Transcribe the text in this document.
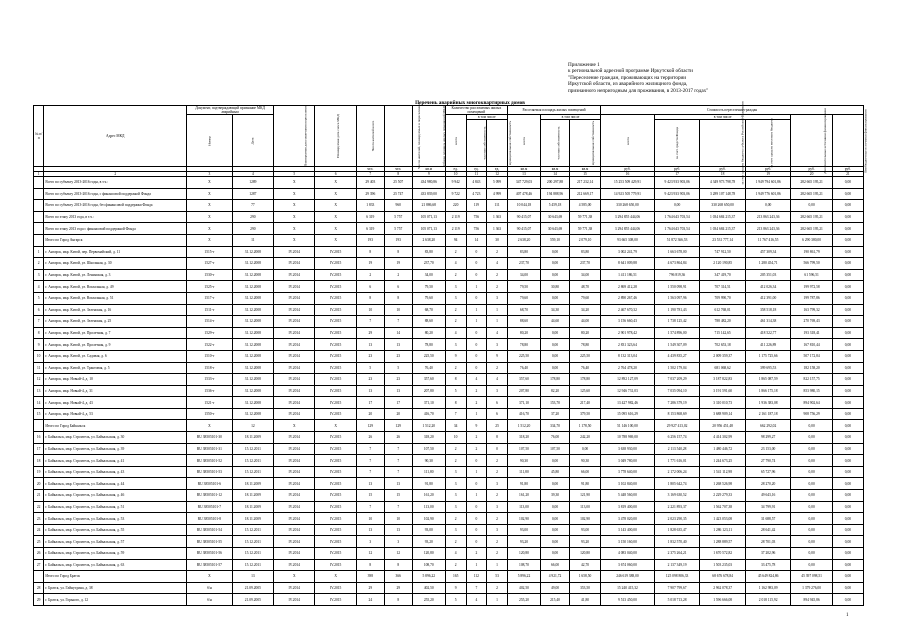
Приложение 1
к региональной адресной программе Иркутской области
"Переселение граждан, проживающих на территории
Иркутской области, из аварийного жилищного фонда,
признанного непригодным для проживания, в 2013-2017 годах"
Перечень аварийных многоквартирных домов
№ п/п	Адрес МКД	Документ, подтверждающий признание МКД аварийным		Планируемая дата окончания переселения	Планируемая дата сноса МКД	Число жителей всего	Число жителей, планируемых к переселению	Общая площадь жилых помещений МКД	Количество расселяемых жилых помещений			Расселяемая площадь жилых помещений			Стоимость переселения граждан					
		Номер	Дата						всего	в том числе		всего	в том числе		всего	в том числе			Дополнительные источники финансирования	Внебюджетные источники финансирования
										частная собственность	муниципальная собственность		частная собственность	муниципальная собственность		за счет средств Фонда	за счет средств бюджета субъекта Российской Федерации	за счет средств местного бюджета		
						чел.	чел.	кв.м	ед.	ед.	ед.	кв.м	кв.м	кв.м	руб.	руб.	руб.	руб.	руб.	руб.
1	2	3	4	5	6	7	8	9	10	11	12	13	14	15	16	17	18	19	20	21
	Всего по субъекту 2013-2016 годы, в т.ч.:	X	1289	X	X	29 403	25 507	434 980,86	9 942	4 843	5 099	347 729,03	200 297,88	217 232,14	15 253 509 429,91	9 423 933 903,06	4 349 973 798,78	1 949 794 601,86	282 665 195,21	0,00
	Всего по субъекту 2013-2016 годы, с финансовой поддержкой Фонда	X	1287	X	X	29 396	25 747	433 839,00	9 722	4 723	4 999	407 478,46	194 888,96	212 669,17	14 923 505 779,91	9 423 933 903,06	3 289 107 148,78	1 949 776 601,86	282 665 195,21	0,00
	Всего по субъекту 2013-2016 годы, без финансовой поддержки Фонда	X	77	X	X	1 833	960	21 886,68	220	119	111	10 044,18	5 459,18	4 585,00	330 268 650,00	0,00	330 268 650,00	0,00	0,00	0,00
	Всего по этапу 2013 года, в т.ч.:	X	290	X	X	6 319	5 757	105 071,13	2 119	756	1 363	90 415,07	30 643,69	59 771,38	3 294 855 444,06	1 764 643 703,54	1 034 684 215,37	213 863 243,36	282 665 195,21	0,00
	Всего по этапу 2013 года с финансовой поддержкой Фонда	X	290	X	X	6 319	5 757	105 071,13	2 119	756	1 363	90 415,07	30 643,69	59 771,38	3 294 855 444,06	1 764 643 703,54	1 034 684 215,37	213 863 243,36	282 665 195,21	0,00
	Итого по Город Ангарск	X	11	X	X	193	193	2 638,20	94	14	30	2 638,20	559,10	2 079,10	93 665 308,00	51 872 366,53	23 531 777,14	11 767 416,55	6 290 380,00	0,00
1	г. Ангарск, мкр. Китой, пер. Первомайский, д. 11	1515-т	31.12.2008	IV.2014	IV.2015	8	8	83,80	2	0	2	83,80	0,00	83,80	3 002 241,79	1 663 678,00	747 912,50	457 309,34	190 861,79	0,00
2	г. Ангарск, мкр. Китой, ул. Школьная, д. 30	1527-т	31.12.2008	IV.2014	IV.2015	19	19	237,70	4	0	4	237,70	0,00	237,70	8 641 009,88	4 673 864,84	2 120 190,85	1 280 454,71	566 799,50	0,00
3	г. Ангарск, мкр. Китой, ул. Ленинская, д. 3	1530-т	31.12.2008	IV.2014	IV.2015	2	2	34,00	2	0	2	34,00	0,00	34,00	1 411 186,51	796 819,36	347 419,70	205 351,03	61 596,51	0,00
4	г. Ангарск, мкр. Китой, ул. Вокзальная, д. 49	1525-т	31.12.2008	IV.2014	IV.2015	6	6	79,50	3	1	2	79,50	30,80	48,70	2 869 412,28	1 550 098,91	707 314,51	412 026,34	199 972,58	0,00
5	г. Ангарск, мкр. Китой, ул. Вокзальная, д. 51	1517-т	31.12.2008	IV.2014	IV.2015	8	8	79,60	3	0	3	79,60	0,00	79,60	2 890 267,46	1 563 097,96	709 990,70	412 391,00	199 787,86	0,00
6	г. Ангарск, мкр. Китой, ул. Зеленская, д. 16	1511-т	31.12.2008	IV.2014	IV.2015	10	10	68,70	2	1	1	68,70	34,30	34,20	2 467 670,32	1 190 781,43	612 768,01	358 518,18	163 799,32	0,00
7	г. Ангарск, мкр. Китой, ул. Зеленская, д. 25	1514-т	31.12.2008	IV.2014	IV.2015	7	7	88,60	2	1	1	88,60	44,60	44,00	3 156 660,43	1 738 125,42	788 482,20	461 314,38	270 769,43	0,00
8	г. Ангарск, мкр. Китой, ул. Пролетная, д. 7	1529-т	31.12.2008	IV.2014	IV.2015	29	14	80,20	4	0	4	80,20	0,00	80,20	2 901 978,42	1 574 896,00	715 142,65	418 522,77	193 318,41	0,00
9	г. Ангарск, мкр. Китой, ул. Пролетная, д. 9	1522-т	31.12.2008	IV.2014	IV.2015	13	13	78,80	3	0	3	78,80	0,00	78,80	2 831 323,64	1 549 307,09	702 653,18	411 226,89	167 810,44	0,00
10	г. Ангарск, мкр. Китой, ул. Садовая, д. 6	1510-т	31.12.2008	IV.2014	IV.2015	23	23	225,50	9	0	9	225,50	0,00	225,50	8 132 313,04	4 439 835,27	2 009 359,37	1 175 725,66	507 172,84	0,00
11	г. Ангарск, мкр. Китой, ул. Трактовая, д. 5	1518-т	31.12.2008	IV.2014	IV.2015	5	5	76,40	2	0	2	76,40	0,00	76,40	2 764 478,20	1 502 179,04	681 068,62	399 695,53	182 158,20	0,00
12	г. Ангарск, мкр. Новый-4, д. 10	1533-т	31.12.2008	IV.2014	IV.2015	23	23	357,60	8	4	4	357,60	178,80	178,80	12 892 127,09	7 037 209,29	3 187 822,83	1 865 087,59	822 157,75	0,00
13	г. Ангарск, мкр. Новый-4, д. 31	1536-т	31.12.2008	IV.2014	IV.2015	13	13	207,80	5	2	3	207,80	82,20	125,60	12 946 731,03	7 035 094,10	3 191 591,60	1 866 175,18	853 980,15	0,00
14	г. Ангарск, мкр. Новый-4, д. 43	1521-т	31.12.2008	IV.2014	IV.2015	17	17	371,10	8	2	6	371,10	153,70	217,40	13 427 982,46	7 286 379,19	3 310 010,73	1 936 383,08	894 902,64	0,00
15	г. Ангарск, мкр. Новый-4, д. 53	1550-т	31.12.2008	IV.2014	IV.2015	20	20	416,70	7	1	6	416,70	37,20	379,50	15 095 616,29	8 153 868,69	3 688 909,14	2 161 187,18	908 756,29	0,00
	Итого по Город Байкальск	X	12	X	X	129	129	1 512,20	34	9	25	1 512,20	334,70	1 178,50	51 146 100,00	29 927 413,02	20 956 451,48	662 292,02	0,00	0,00
16	г. Байкальск, мкр. Строитель, ул. Байкальская, д. 30	RU 38505101-30	18.11.2009	IV.2014	IV.2015	26	26	318,20	10	2	8	318,20	76,00	242,20	10 788 969,00	6 256 157,74	4 414 302,99	98 299,27	0,00	0,00
17	г. Байкальск, мкр. Строитель, ул. Байкальская, д. 39	RU 38505101-31	15.12.2011	IV.2014	IV.2015	7	7	107,50	2	2	0	107,50	107,50	0,00	3 638 930,00	2 113 540,28	1 480 446,72	23 153,00	0,00	0,00
18	г. Байкальск, мкр. Строитель, ул. Байкальская, д. 41	RU 38505101-52	15.12.2011	IV.2014	IV.2015	7	7	90,30	2	0	2	90,30	0,00	90,30	3 049 780,00	1 771 616,01	1 244 673,25	27 790,74	0,00	0,00
19	г. Байкальск, мкр. Строитель, ул. Байкальская, д. 43	RU 38505101-53	15.12.2011	IV.2014	IV.2015	7	7	111,80	3	1	2	111,80	45,80	66,00	3 778 640,00	2 172 006,24	1 541 112,98	65 727,96	0,00	0,00
20	г. Байкальск, мкр. Строитель, ул. Байкальская, д. 44	RU 38505101-6	18.11.2009	IV.2014	IV.2015	13	13	91,80	3	0	3	91,80	0,00	91,80	3 102 840,00	1 805 642,74	1 268 526,98	28 270,20	0,00	0,00
21	г. Байкальск, мкр. Строитель, ул. Байкальская, д. 46	RU 38505101-12	18.11.2009	IV.2014	IV.2015	15	15	161,20	3	1	2	161,20	39,30	121,90	5 448 560,00	3 169 630,52	2 229 279,33	49 643,16	0,00	0,00
22	г. Байкальск, мкр. Строитель, ул. Байкальская, д. 51	RU 38505101-7	18.11.2009	IV.2014	IV.2015	7	7	113,00	3	0	3	113,00	0,00	113,00	3 819 400,00	2 221 893,37	1 562 707,38	34 799,91	0,00	0,00
23	г. Байкальск, мкр. Строитель, ул. Байкальская, д. 53	RU 38505101-8	18.11.2009	IV.2014	IV.2015	10	10	102,90	2	0	2	102,90	0,00	102,90	3 478 020,00	2 023 290,35	1 423 053,08	31 688,57	0,00	0,00
24	г. Байкальск, мкр. Строитель, ул. Байкальская, д. 55	RU 38505101-54	15.12.2011	IV.2014	IV.2015	13	13	93,00	3	0	3	93,00	0,00	93,00	3 143 400,00	1 828 635,47	1 286 123,11	28 641,42	0,00	0,00
25	г. Байкальск, мкр. Строитель, ул. Байкальская, д. 57	RU 38505101-55	15.12.2011	IV.2014	IV.2015	3	3	93,20	2	0	2	93,20	0,00	93,20	3 150 160,00	1 832 570,40	1 288 889,57	28 701,03	0,00	0,00
26	г. Байкальск, мкр. Строитель, ул. Байкальская, д. 59	RU 38505101-56	15.12.2011	IV.2014	IV.2015	12	12	120,80	4	2	2	120,80	0,00	120,80	4 083 040,00	2 375 264,21	1 670 572,82	37 202,96	0,00	0,00
27	г. Байкальск, мкр. Строитель, ул. Байкальская, д. 63	RU 38505101-57	15.12.2011	IV.2014	IV.2015	8	8	108,70	2	1	1	108,70	66,00	42,70	3 674 060,00	2 137 349,19	1 503 235,03	33 475,78	0,00	0,00
	Итого по Город Братск	X	13	X	X	398	366	5 896,22	165	112	53	5 896,22	4 921,72	1 658,50	246 619 388,00	125 098 806,33	68 676 678,84	45 649 824,86	45 397 098,51	0,00
28	г. Братск, ул. Гайнутдина, д. 38	б/н	21.09.2005	IV.2014	IV.2015	29	29	402,50	9	7	2	402,50	49,00	353,50	15 240 415,32	7 907 799,67	2 962 078,37	1 162 983,09	1 379 276,00	0,00
29	г. Братск, ул. Горького, д. 12	б/н	21.09.2005	IV.2014	IV.2015	24	8	255,20	5	4	1	255,20	215,40	41,80	9 513 450,00	5 018 713,28	1 596 666,08	2 018 115,92	894 945,86	0,00
1
